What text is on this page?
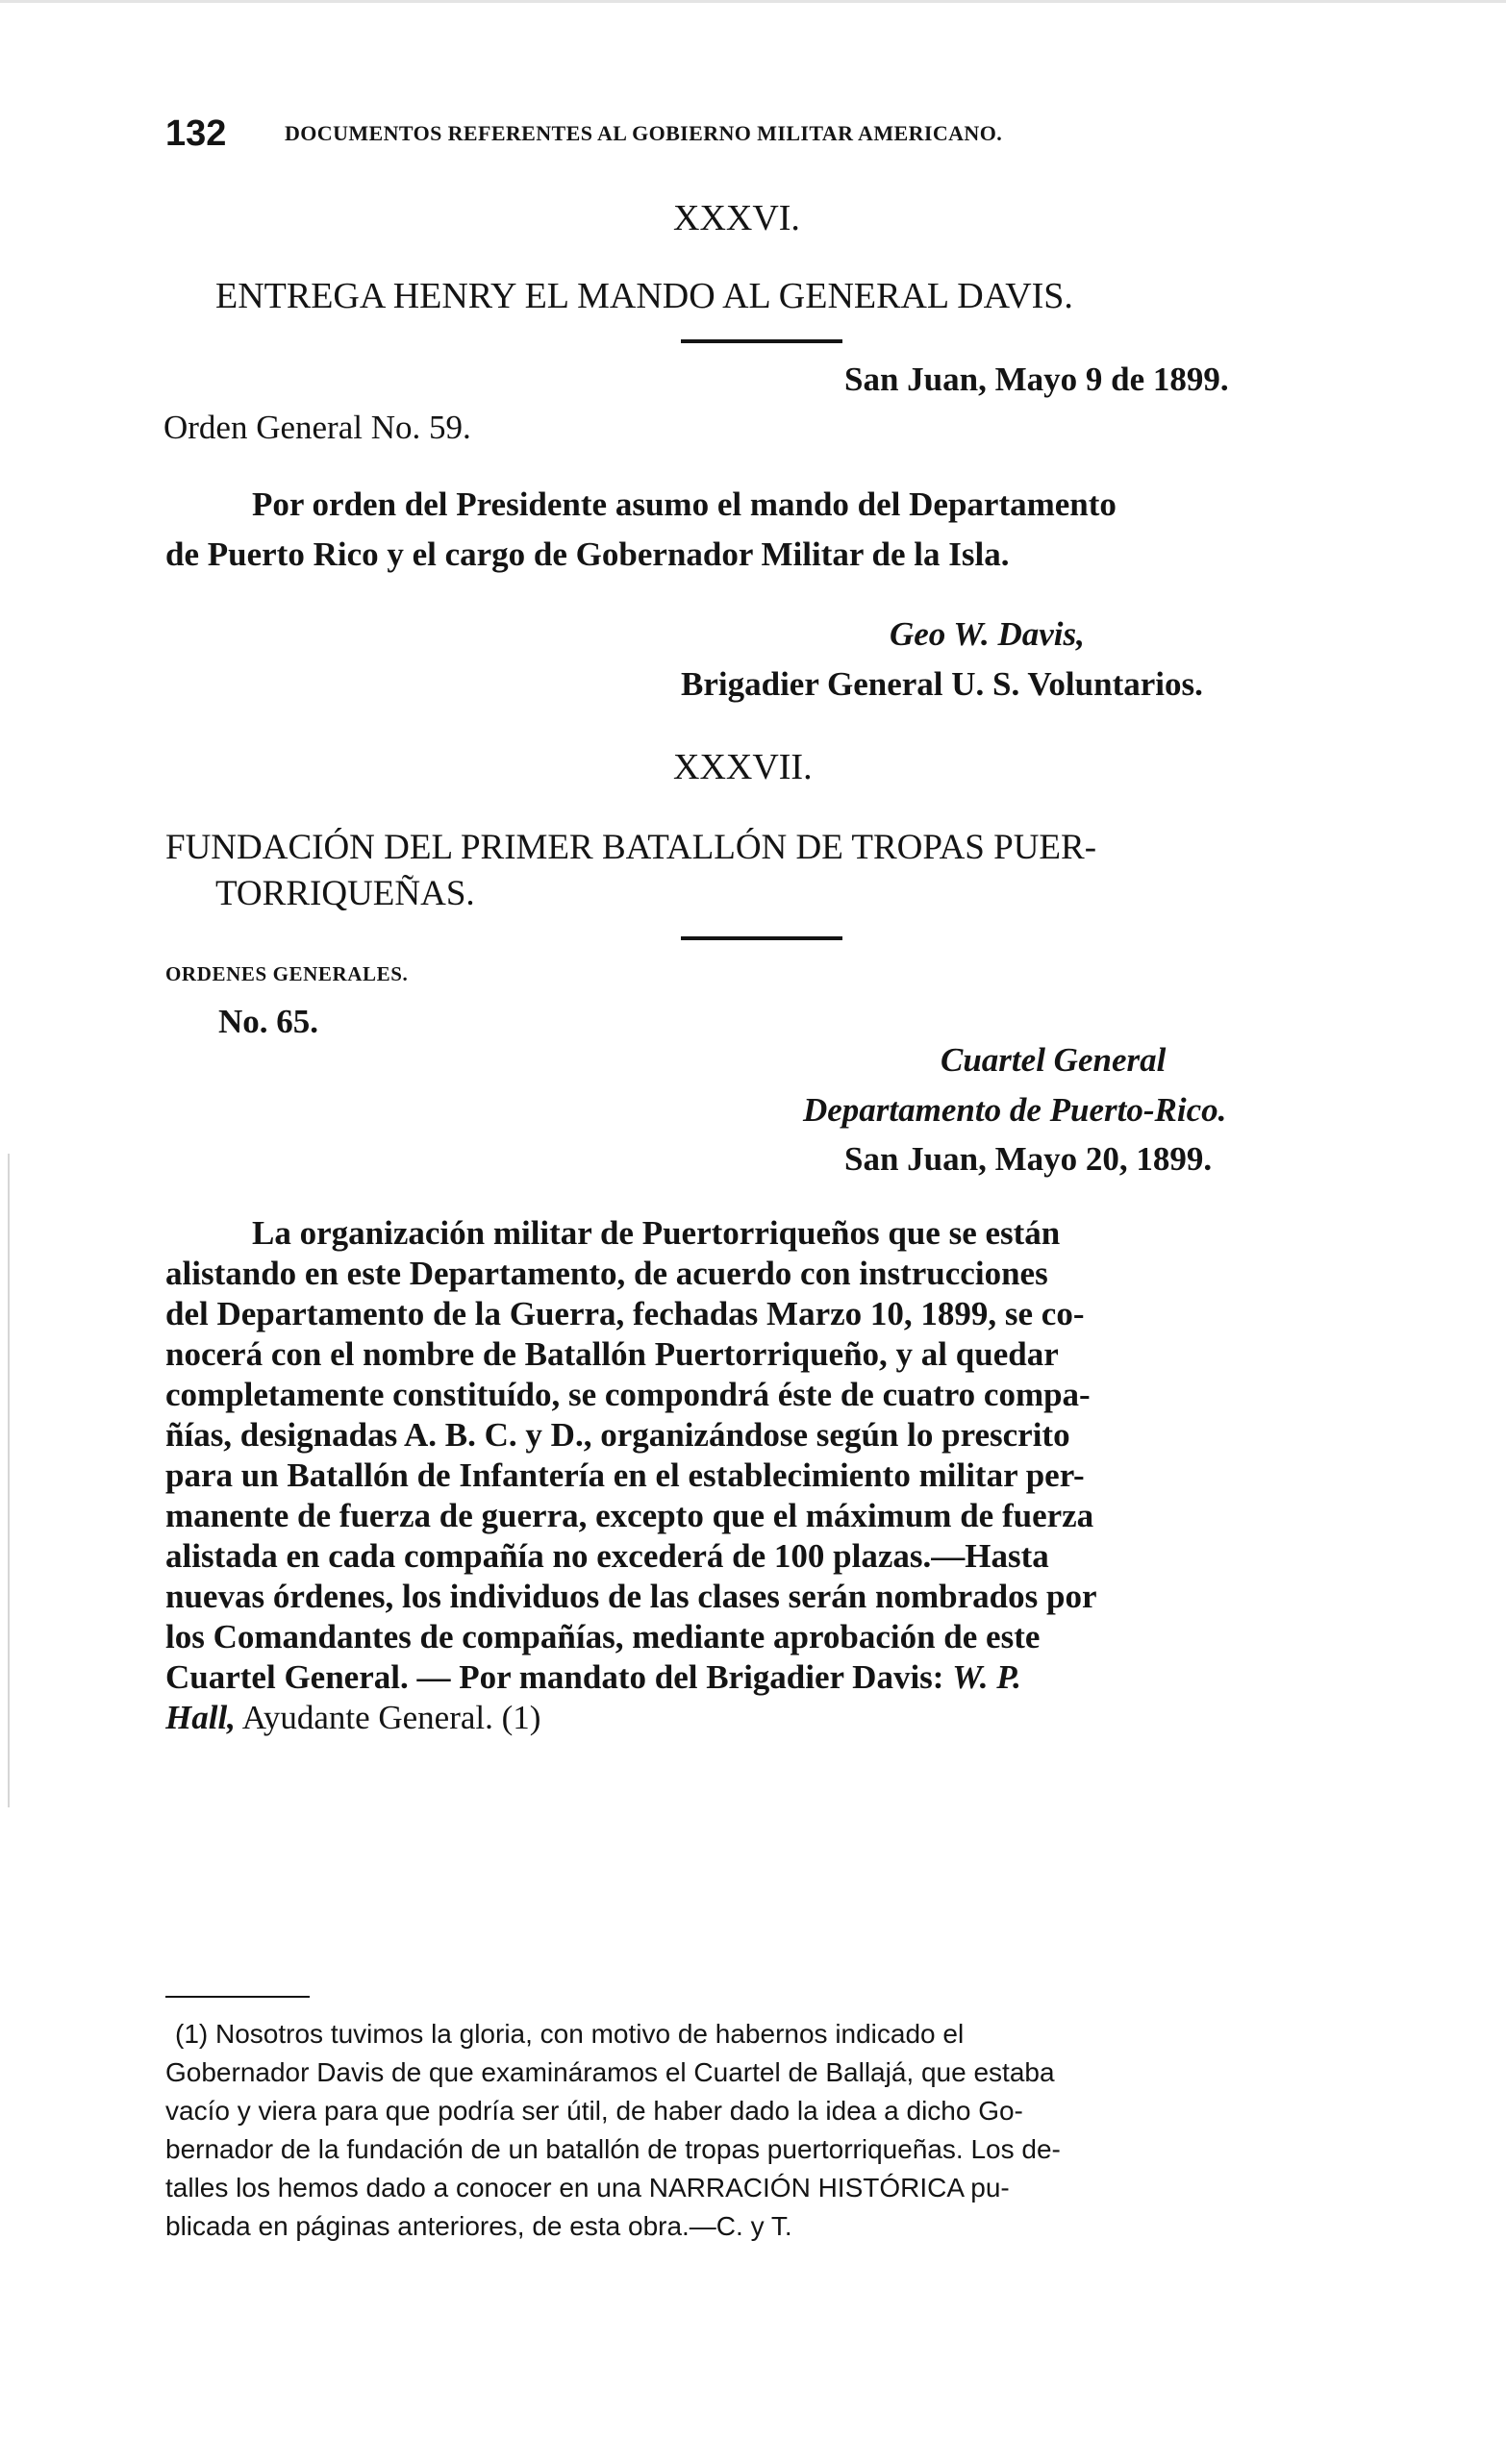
132	DOCUMENTOS REFERENTES AL GOBIERNO MILITAR AMERICANO.
XXXVI.
ENTREGA HENRY EL MANDO AL GENERAL DAVIS.
San Juan, Mayo 9 de 1899.
Orden General No. 59.
Por orden del Presidente asumo el mando del Departamento
de Puerto Rico y el cargo de Gobernador Militar de la Isla.
Geo W. Davis,
Brigadier General U. S. Voluntarios.
XXXVII.
FUNDACIÓN DEL PRIMER BATALLÓN DE TROPAS PUER-
TORRIQUEÑAS.
ORDENES GENERALES.
No. 65.
Cuartel General
Departamento de Puerto-Rico.
San Juan, Mayo 20, 1899.
La organización militar de Puertorriqueños que se están
alistando en este Departamento, de acuerdo con instrucciones
del Departamento de la Guerra, fechadas Marzo 10, 1899, se co-
nocerá con el nombre de Batallón Puertorriqueño, y al quedar
completamente constituído, se compondrá éste de cuatro compa-
ñías, designadas A. B. C. y D., organizándose según lo prescrito
para un Batallón de Infantería en el establecimiento militar per-
manente de fuerza de guerra, excepto que el máximum de fuerza
alistada en cada compañía no excederá de 100 plazas.—Hasta
nuevas órdenes, los individuos de las clases serán nombrados por
los Comandantes de compañías, mediante aprobación de este
Cuartel General. — Por mandato del Brigadier Davis: W. P.
Hall, Ayudante General. (1)
(1) Nosotros tuvimos la gloria, con motivo de habernos indicado el
Gobernador Davis de que examináramos el Cuartel de Ballajá, que estaba
vacío y viera para que podría ser útil, de haber dado la idea a dicho Go-
bernador de la fundación de un batallón de tropas puertorriqueñas. Los de-
talles los hemos dado a conocer en una NARRACIÓN HISTÓRICA pu-
blicada en páginas anteriores, de esta obra.—C. y T.
